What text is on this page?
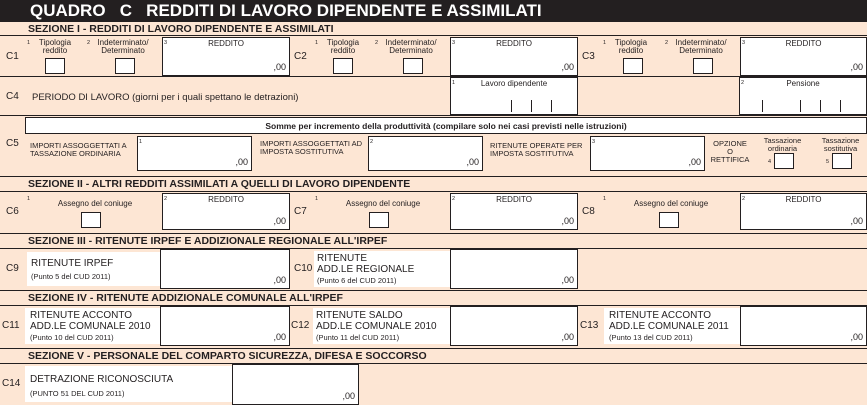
QUADRO   C   REDDITI DI LAVORO DIPENDENTE E ASSIMILATI
SEZIONE I - REDDITI DI LAVORO DIPENDENTE E ASSIMILATI
C1
1	Tipologia reddito
2 Indeterminato/ Determinato
3	REDDITO
,00
C2
1	Tipologia reddito
2 Indeterminato/ Determinato
3	REDDITO
,00
C3
1	Tipologia reddito
2 Indeterminato/ Determinato
3	REDDITO
,00
C4 PERIODO DI LAVORO (giorni per i quali spettano le detrazioni)
1	Lavoro dipendente	2	Pensione
C5
Somme per incremento della produttività (compilare solo nei casi previsti nelle istruzioni)
IMPORTI ASSOGGETTATI A TASSAZIONE ORDINARIA
1
,00
IMPORTI ASSOGGETTATI AD IMPOSTA SOSTITUTIVA
2
,00
RITENUTE OPERATE PER IMPOSTA SOSTITUTIVA
3
,00
OPZIONE O RETTIFICA
Tassazione ordinaria
4
Tassazione sostitutiva
5
SEZIONE II - ALTRI REDDITI ASSIMILATI A QUELLI DI LAVORO DIPENDENTE
C6
1	Assegno del coniuge	2	REDDITO
,00
C7
1	Assegno del coniuge	2	REDDITO
,00
C8
1	Assegno del coniuge	2	REDDITO
,00
SEZIONE III - RITENUTE IRPEF E ADDIZIONALE REGIONALE ALL'IRPEF
C9 RITENUTE IRPEF
(Punto 5 del CUD 2011)	,00
C10
RITENUTE
ADD.LE REGIONALE
(Punto 6 del CUD 2011)	,00
SEZIONE IV - RITENUTE ADDIZIONALE COMUNALE ALL'IRPEF
C11
RITENUTE ACCONTO
ADD.LE COMUNALE 2010
(Punto 10 del CUD 2011)	,00
C12
RITENUTE SALDO
ADD.LE COMUNALE 2010
(Punto 11 del CUD 2011)	,00
C13
RITENUTE ACCONTO
ADD.LE COMUNALE 2011
(Punto 13 del CUD 2011)	,00
SEZIONE V - PERSONALE DEL COMPARTO SICUREZZA, DIFESA E SOCCORSO
C14 DETRAZIONE RICONOSCIUTA
(PUNTO 51 DEL CUD 2011)	,00
